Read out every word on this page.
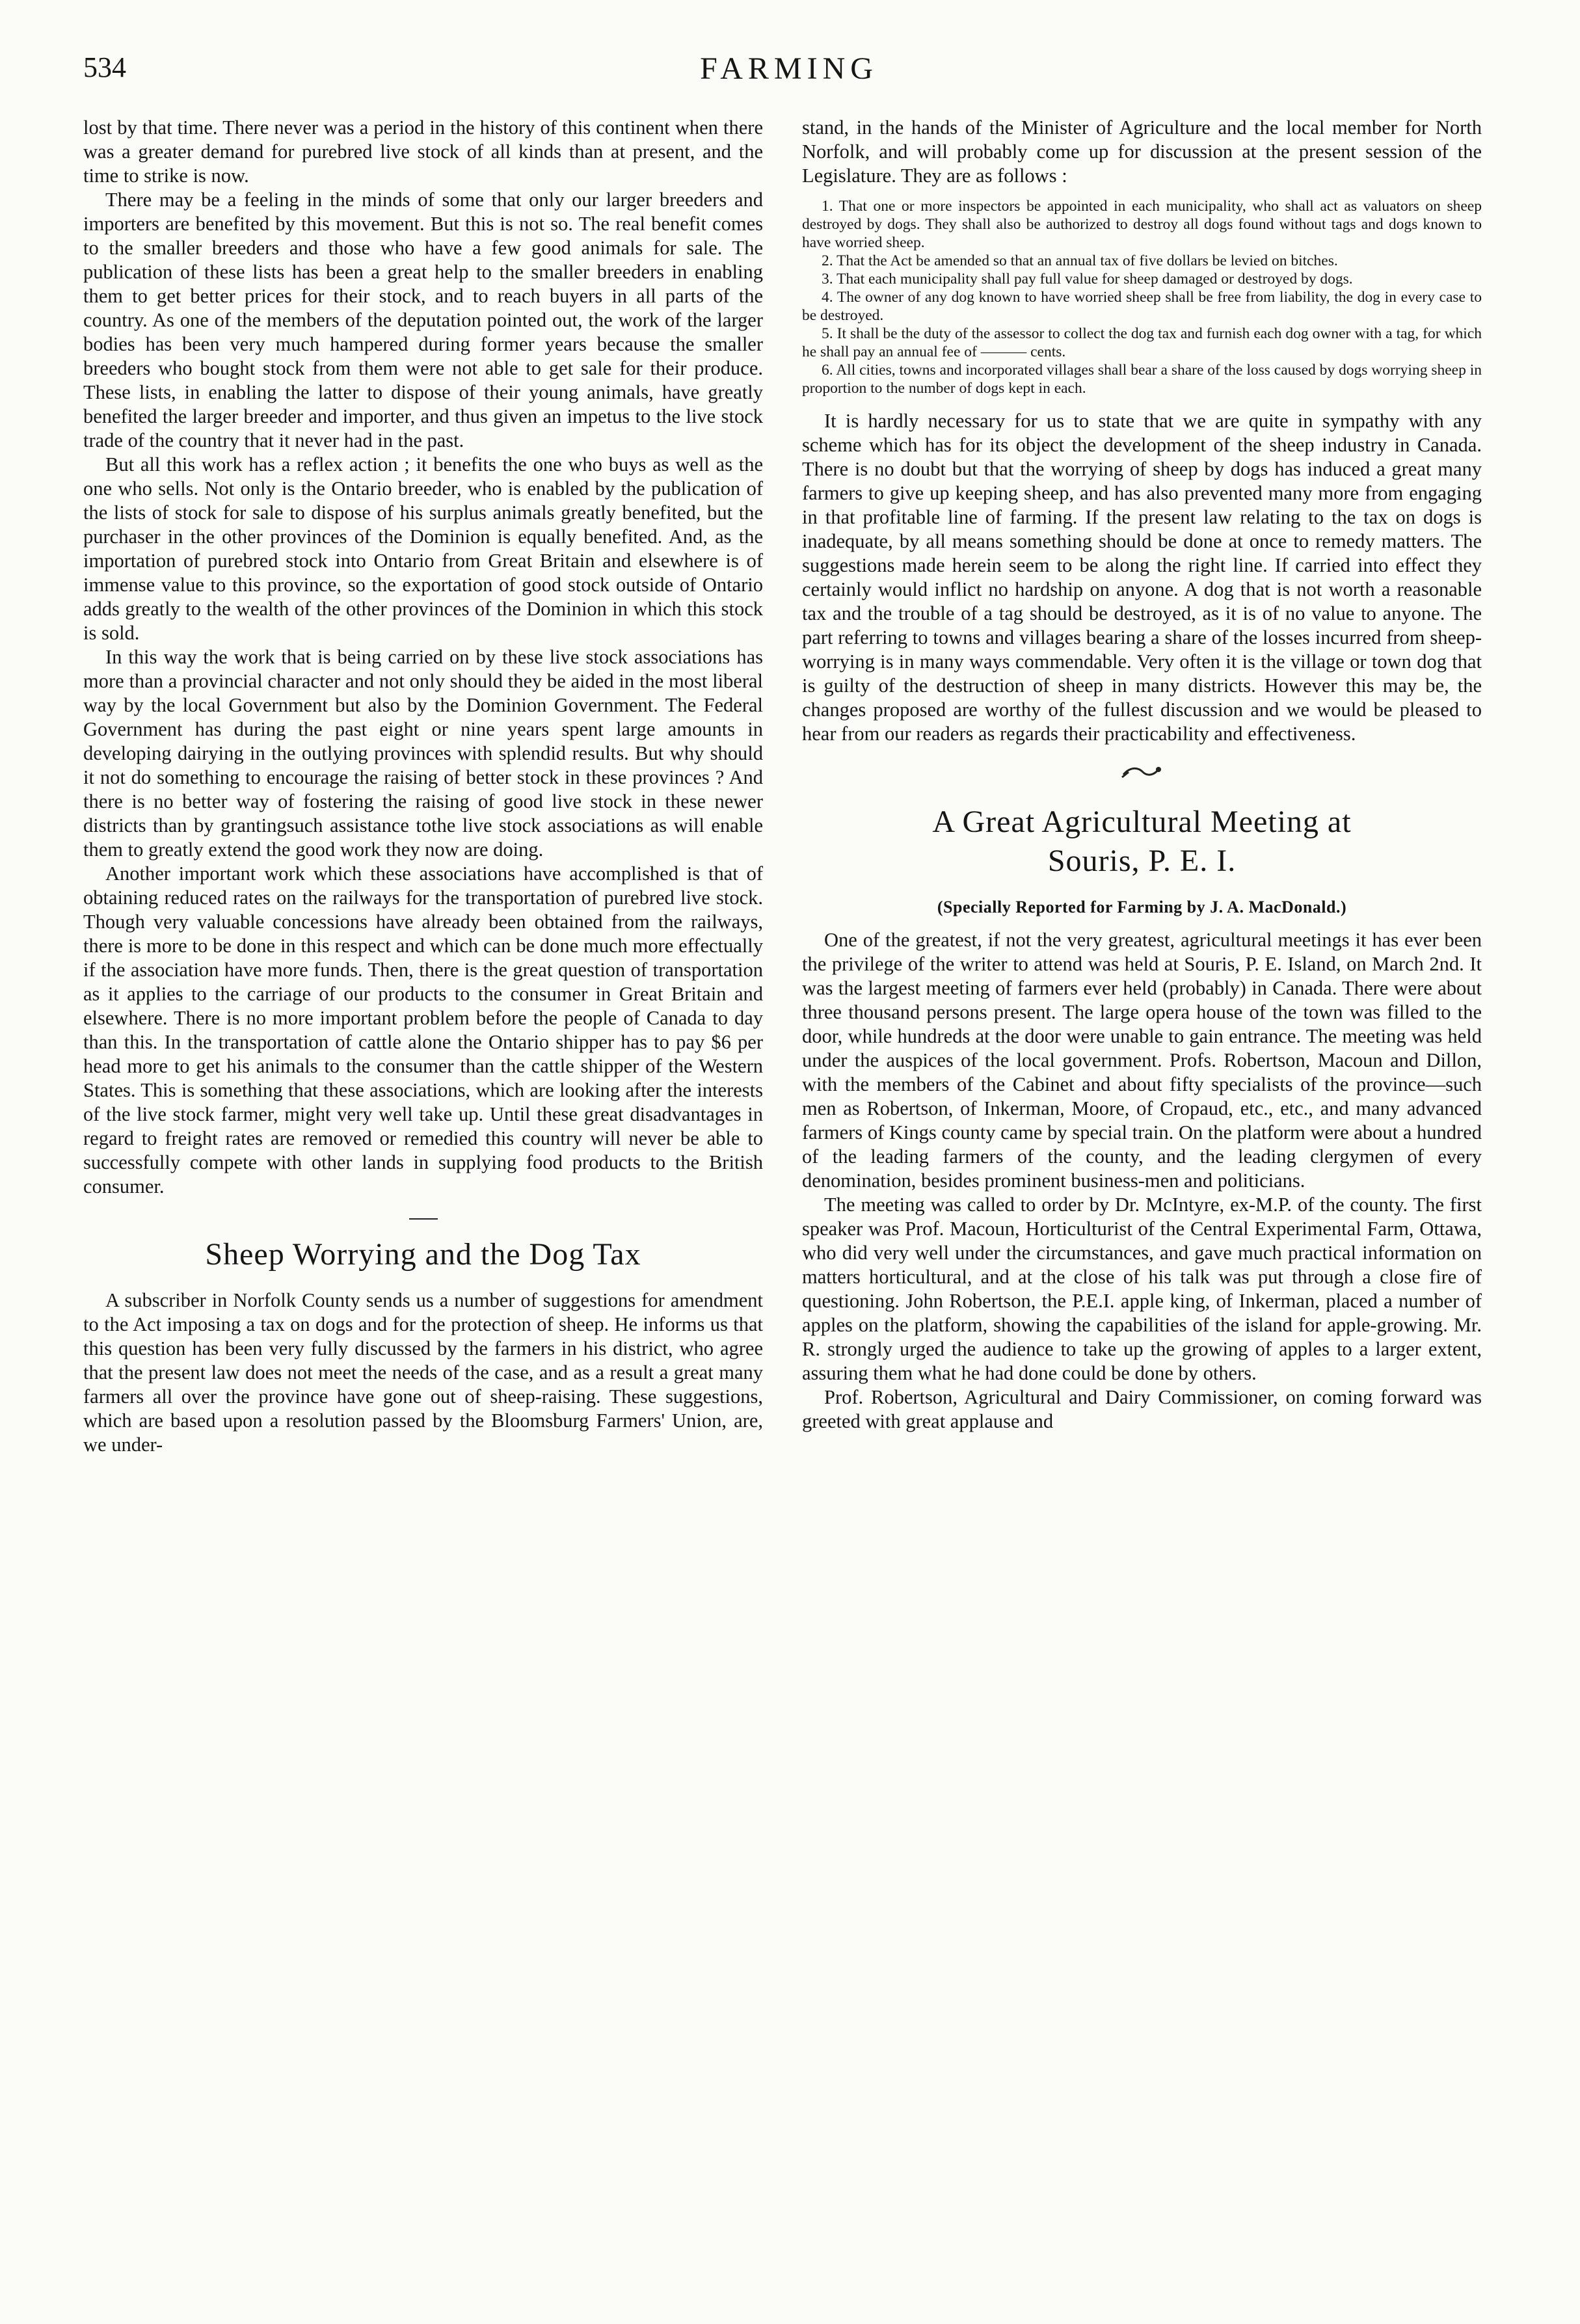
534	FARMING

lost by that time. There never was a period in the history of this continent when there was a greater demand for purebred live stock of all kinds than at present, and the time to strike is now.

There may be a feeling in the minds of some that only our larger breeders and importers are benefited by this movement. But this is not so. The real benefit comes to the smaller breeders and those who have a few good animals for sale. The publication of these lists has been a great help to the smaller breeders in enabling them to get better prices for their stock, and to reach buyers in all parts of the country. As one of the members of the deputation pointed out, the work of the larger bodies has been very much hampered during former years because the smaller breeders who bought stock from them were not able to get sale for their produce. These lists, in enabling the latter to dispose of their young animals, have greatly benefited the larger breeder and importer, and thus given an impetus to the live stock trade of the country that it never had in the past.

But all this work has a reflex action ; it benefits the one who buys as well as the one who sells. Not only is the Ontario breeder, who is enabled by the publication of the lists of stock for sale to dispose of his surplus animals greatly benefited, but the purchaser in the other provinces of the Dominion is equally benefited. And, as the importation of purebred stock into Ontario from Great Britain and elsewhere is of immense value to this province, so the exportation of good stock outside of Ontario adds greatly to the wealth of the other provinces of the Dominion in which this stock is sold.

In this way the work that is being carried on by these live stock associations has more than a provincial character and not only should they be aided in the most liberal way by the local Government but also by the Dominion Government. The Federal Government has during the past eight or nine years spent large amounts in developing dairying in the outlying provinces with splendid results. But why should it not do something to encourage the raising of better stock in these provinces ? And there is no better way of fostering the raising of good live stock in these newer districts than by grantingsuch assistance tothe live stock associations as will enable them to greatly extend the good work they now are doing.

Another important work which these associations have accomplished is that of obtaining reduced rates on the railways for the transportation of purebred live stock. Though very valuable concessions have already been obtained from the railways, there is more to be done in this respect and which can be done much more effectually if the association have more funds. Then, there is the great question of transportation as it applies to the carriage of our products to the consumer in Great Britain and elsewhere. There is no more important problem before the people of Canada to day than this. In the transportation of cattle alone the Ontario shipper has to pay $6 per head more to get his animals to the consumer than the cattle shipper of the Western States. This is something that these associations, which are looking after the interests of the live stock farmer, might very well take up. Until these great disadvantages in regard to freight rates are removed or remedied this country will never be able to successfully compete with other lands in supplying food products to the British consumer.

Sheep Worrying and the Dog Tax

A subscriber in Norfolk County sends us a number of suggestions for amendment to the Act imposing a tax on dogs and for the protection of sheep. He informs us that this question has been very fully discussed by the farmers in his district, who agree that the present law does not meet the needs of the case, and as a result a great many farmers all over the province have gone out of sheep-raising. These suggestions, which are based upon a resolution passed by the Bloomsburg Farmers' Union, are, we under-

stand, in the hands of the Minister of Agriculture and the local member for North Norfolk, and will probably come up for discussion at the present session of the Legislature. They are as follows :

1. That one or more inspectors be appointed in each municipality, who shall act as valuators on sheep destroyed by dogs. They shall also be authorized to destroy all dogs found without tags and dogs known to have worried sheep.
2. That the Act be amended so that an annual tax of five dollars be levied on bitches.
3. That each municipality shall pay full value for sheep damaged or destroyed by dogs.
4. The owner of any dog known to have worried sheep shall be free from liability, the dog in every case to be destroyed.
5. It shall be the duty of the assessor to collect the dog tax and furnish each dog owner with a tag, for which he shall pay an annual fee of ——— cents.
6. All cities, towns and incorporated villages shall bear a share of the loss caused by dogs worrying sheep in proportion to the number of dogs kept in each.

It is hardly necessary for us to state that we are quite in sympathy with any scheme which has for its object the development of the sheep industry in Canada. There is no doubt but that the worrying of sheep by dogs has induced a great many farmers to give up keeping sheep, and has also prevented many more from engaging in that profitable line of farming. If the present law relating to the tax on dogs is inadequate, by all means something should be done at once to remedy matters. The suggestions made herein seem to be along the right line. If carried into effect they certainly would inflict no hardship on anyone. A dog that is not worth a reasonable tax and the trouble of a tag should be destroyed, as it is of no value to anyone. The part referring to towns and villages bearing a share of the losses incurred from sheep-worrying is in many ways commendable. Very often it is the village or town dog that is guilty of the destruction of sheep in many districts. However this may be, the changes proposed are worthy of the fullest discussion and we would be pleased to hear from our readers as regards their practicability and effectiveness.

A Great Agricultural Meeting at
Souris, P. E. I.
(Specially Reported for Farming by J. A. MacDonald.)

One of the greatest, if not the very greatest, agricultural meetings it has ever been the privilege of the writer to attend was held at Souris, P. E. Island, on March 2nd. It was the largest meeting of farmers ever held (probably) in Canada. There were about three thousand persons present. The large opera house of the town was filled to the door, while hundreds at the door were unable to gain entrance. The meeting was held under the auspices of the local government. Profs. Robertson, Macoun and Dillon, with the members of the Cabinet and about fifty specialists of the province—such men as Robertson, of Inkerman, Moore, of Cropaud, etc., etc., and many advanced farmers of Kings county came by special train. On the platform were about a hundred of the leading farmers of the county, and the leading clergymen of every denomination, besides prominent business-men and politicians.

The meeting was called to order by Dr. McIntyre, ex-M.P. of the county. The first speaker was Prof. Macoun, Horticulturist of the Central Experimental Farm, Ottawa, who did very well under the circumstances, and gave much practical information on matters horticultural, and at the close of his talk was put through a close fire of questioning. John Robertson, the P.E.I. apple king, of Inkerman, placed a number of apples on the platform, showing the capabilities of the island for apple-growing. Mr. R. strongly urged the audience to take up the growing of apples to a larger extent, assuring them what he had done could be done by others.

Prof. Robertson, Agricultural and Dairy Commissioner, on coming forward was greeted with great applause and
